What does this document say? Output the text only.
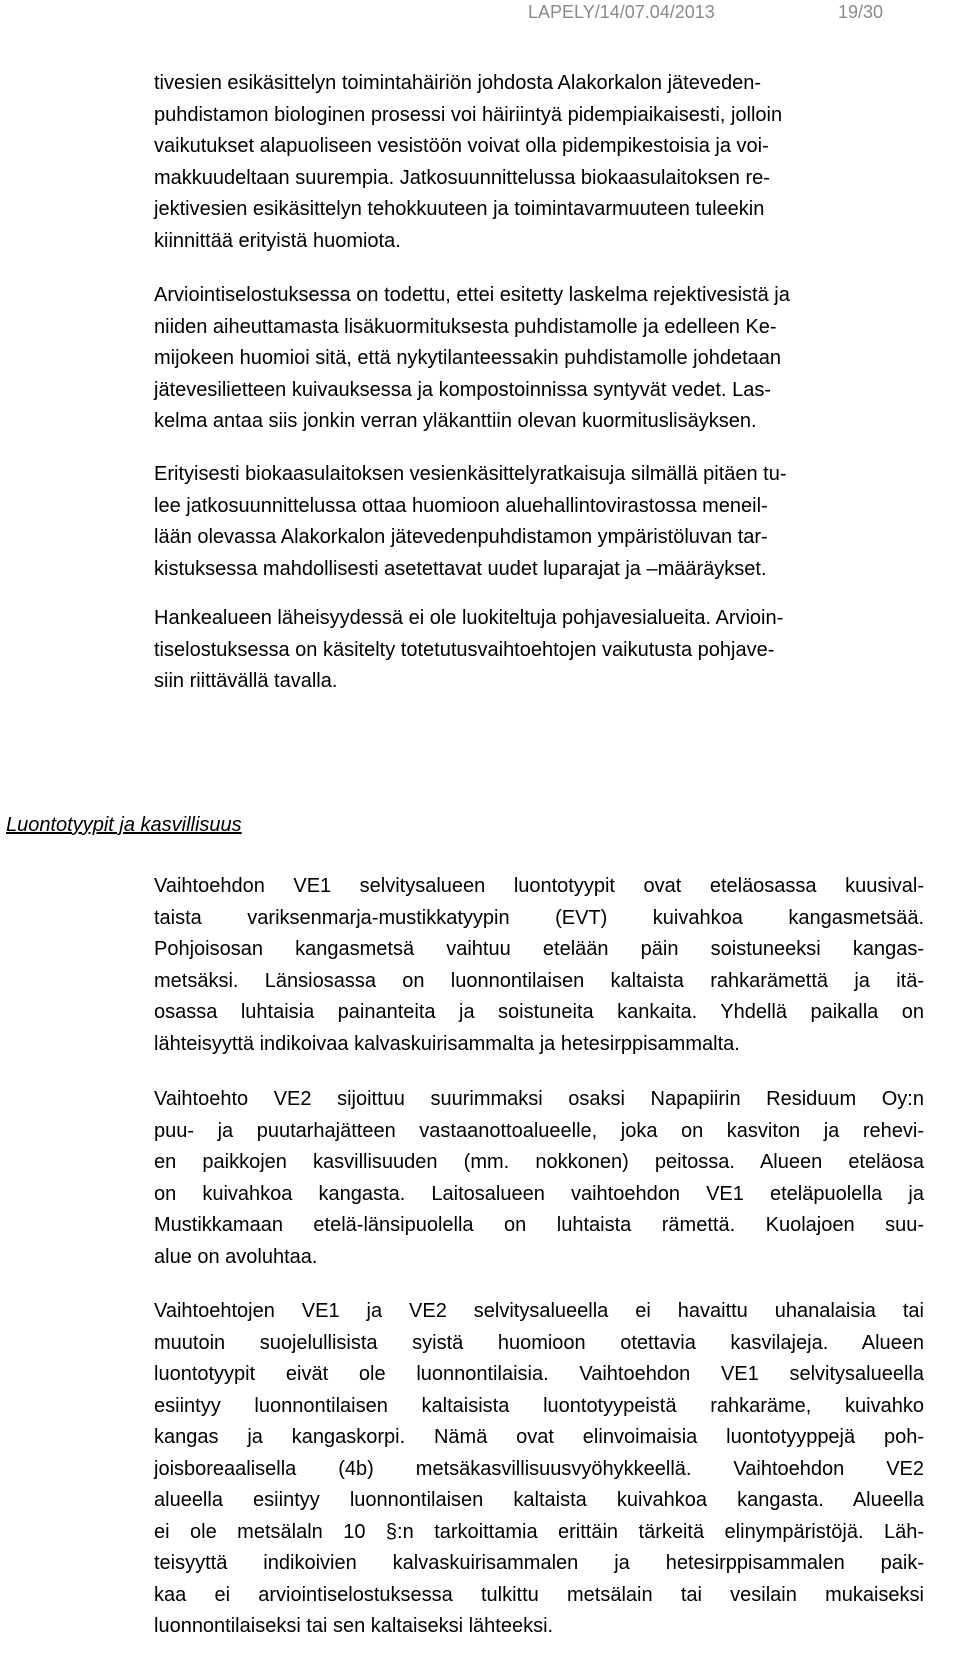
LAPELY/14/07.04/2013	19/30
tivesien esikäsittelyn toimintahäiriön johdosta Alakorkalon jäteveden-
puhdistamon biologinen prosessi voi häiriintyä pidempiaikaisesti, jolloin
vaikutukset alapuoliseen vesistöön voivat olla pidempikestoisia ja voi-
makkuudeltaan suurempia. Jatkosuunnittelussa biokaasulaitoksen re-
jektivesien esikäsittelyn tehokkuuteen ja toimintavarmuuteen tuleekin
kiinnittää erityistä huomiota.
Arviointiselostuksessa on todettu, ettei esitetty laskelma rejektivesistä ja
niiden aiheuttamasta lisäkuormituksesta puhdistamolle ja edelleen Ke-
mijokeen huomioi sitä, että nykytilanteessakin puhdistamolle johdetaan
jätevesilietteen kuivauksessa ja kompostoinnissa syntyvät vedet. Las-
kelma antaa siis jonkin verran yläkanttiin olevan kuormituslisäyksen.
Erityisesti biokaasulaitoksen vesienkäsittelyratkaisuja silmällä pitäen tu-
lee jatkosuunnittelussa ottaa huomioon aluehallintovirastossa meneil-
lään olevassa Alakorkalon jätevedenpuhdistamon ympäristöluvan tar-
kistuksessa mahdollisesti asetettavat uudet luparajat ja –määräykset.
Hankealueen läheisyydessä ei ole luokiteltuja pohjavesialueita. Arvioin-
tiselostuksessa on käsitelty totetutusvaihtoehtojen vaikutusta pohjave-
siin riittävällä tavalla.
Luontotyypit ja kasvillisuus
Vaihtoehdon VE1 selvitysalueen luontotyypit ovat eteläosassa kuusival-
taista variksenmarja-mustikkatyypin (EVT) kuivahkoa kangasmetsää.
Pohjoisosan kangasmetsä vaihtuu etelään päin soistuneeksi kangas-
metsäksi. Länsiosassa on luonnontilaisen kaltaista rahkarämettä ja itä-
osassa luhtaisia painanteita ja soistuneita kankaita. Yhdellä paikalla on
lähteisyyttä indikoivaa kalvaskuirisammalta ja hetesirppisammalta.
Vaihtoehto VE2 sijoittuu suurimmaksi osaksi Napapiirin Residuum Oy:n
puu- ja puutarhajätteen vastaanottoalueelle, joka on kasviton ja rehevi-
en paikkojen kasvillisuuden (mm. nokkonen) peitossa. Alueen eteläosa
on kuivahkoa kangasta. Laitosalueen vaihtoehdon VE1 eteläpuolella ja
Mustikkamaan etelä-länsipuolella on luhtaista rämettä. Kuolajoen suu-
alue on avoluhtaa.
Vaihtoehtojen VE1 ja VE2 selvitysalueella ei havaittu uhanalaisia tai
muutoin suojelullisista syistä huomioon otettavia kasvilajeja. Alueen
luontotyypit eivät ole luonnontilaisia. Vaihtoehdon VE1 selvitysalueella
esiintyy luonnontilaisen kaltaisista luontotyypeistä rahkaräme, kuivahko
kangas ja kangaskorpi. Nämä ovat elinvoimaisia luontotyyppejä poh-
joisboreaalisella (4b) metsäkasvillisuusvyöhykkeellä. Vaihtoehdon VE2
alueella esiintyy luonnontilaisen kaltaista kuivahkoa kangasta. Alueella
ei ole metsälaln 10 §:n tarkoittamia erittäin tärkeitä elinympäristöjä. Läh-
teisyyttä indikoivien kalvaskuirisammalen ja hetesirppisammalen paik-
kaa ei arviointiselostuksessa tulkittu metsälain tai vesilain mukaiseksi
luonnontilaiseksi tai sen kaltaiseksi lähteeksi.
